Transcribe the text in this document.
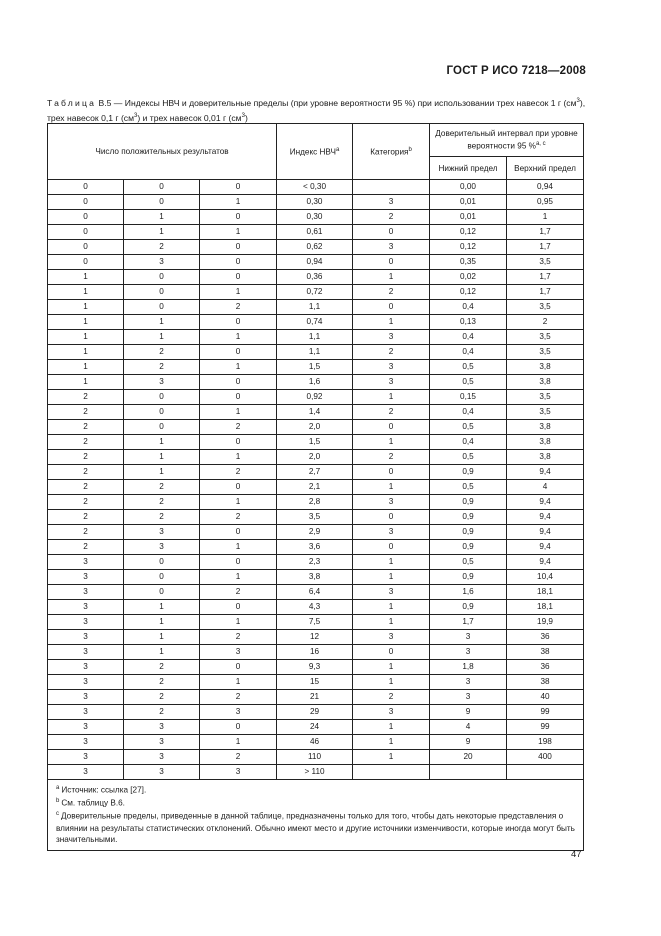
ГОСТ Р ИСО 7218—2008
Таблица В.5 — Индексы НВЧ и доверительные пределы (при уровне вероятности 95 %) при использовании трех навесок 1 г $(см^3)$, трех навесок 0,1 г $(см^3)$ и трех навесок 0,01 г $(см^3)$
Число положительных результатов			Индекс $НВЧ^а$	Категория$^b$	Доверительный интервал при уровне вероятности 95 %$^{а, с}$
					Нижний предел	Верхний предел
0	0	0	< 0,30		0,00	0,94
0	0	1	0,30	3	0,01	0,95
0	1	0	0,30	2	0,01	1
0	1	1	0,61	0	0,12	1,7
0	2	0	0,62	3	0,12	1,7
0	3	0	0,94	0	0,35	3,5
1	0	0	0,36	1	0,02	1,7
1	0	1	0,72	2	0,12	1,7
1	0	2	1,1	0	0,4	3,5
1	1	0	0,74	1	0,13	2
1	1	1	1,1	3	0,4	3,5
1	2	0	1,1	2	0,4	3,5
1	2	1	1,5	3	0,5	3,8
1	3	0	1,6	3	0,5	3,8
2	0	0	0,92	1	0,15	3,5
2	0	1	1,4	2	0,4	3,5
2	0	2	2,0	0	0,5	3,8
2	1	0	1,5	1	0,4	3,8
2	1	1	2,0	2	0,5	3,8
2	1	2	2,7	0	0,9	9,4
2	2	0	2,1	1	0,5	4
2	2	1	2,8	3	0,9	9,4
2	2	2	3,5	0	0,9	9,4
2	3	0	2,9	3	0,9	9,4
2	3	1	3,6	0	0,9	9,4
3	0	0	2,3	1	0,5	9,4
3	0	1	3,8	1	0,9	10,4
3	0	2	6,4	3	1,6	18,1
3	1	0	4,3	1	0,9	18,1
3	1	1	7,5	1	1,7	19,9
3	1	2	12	3	3	36
3	1	3	16	0	3	38
3	2	0	9,3	1	1,8	36
3	2	1	15	1	3	38
3	2	2	21	2	3	40
3	2	3	29	3	9	99
3	3	0	24	1	4	99
3	3	1	46	1	9	198
3	3	2	110	1	20	400
3	3	3	> 110			

$^a$ Источник: ссылка [27].
$^b$ См. таблицу В.6.
$^c$ Доверительные пределы, приведенные в данной таблице, предназначены только для того, чтобы дать некоторые представления о влиянии на результаты статистических отклонений. Обычно имеют место и другие источники изменчивости, которые иногда могут быть значительными.						
47
